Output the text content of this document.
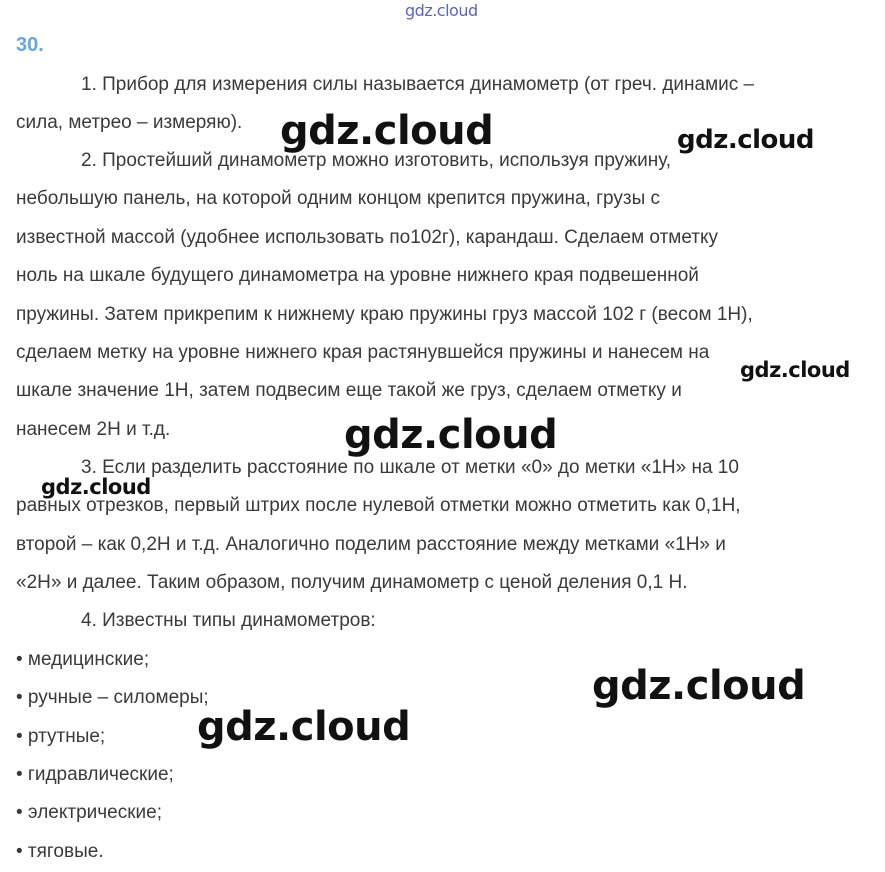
gdz.cloud
30.
1. Прибор для измерения силы называется динамометр (от греч. динамис –
сила, метрео – измеряю).
2. Простейший динамометр можно изготовить, используя пружину,
небольшую панель, на которой одним концом крепится пружина, грузы с
известной массой (удобнее использовать по102г), карандаш. Сделаем отметку
ноль на шкале будущего динамометра на уровне нижнего края подвешенной
пружины. Затем прикрепим к нижнему краю пружины груз массой 102 г (весом 1Н),
сделаем метку на уровне нижнего края растянувшейся пружины и нанесем на
шкале значение 1Н, затем подвесим еще такой же груз, сделаем отметку и
нанесем 2Н и т.д.
3. Если разделить расстояние по шкале от метки «0» до метки «1Н» на 10
равных отрезков, первый штрих после нулевой отметки можно отметить как 0,1Н,
второй – как 0,2Н и т.д. Аналогично поделим расстояние между метками «1Н» и
«2Н» и далее. Таким образом, получим динамометр с ценой деления 0,1 Н.
4. Известны типы динамометров:
• медицинские;
• ручные – силомеры;
• ртутные;
• гидравлические;
• электрические;
• тяговые.
gdz.cloud	gdz.cloud
gdz.cloud
gdz.cloud
gdz.cloud
gdz.cloud
gdz.cloud
